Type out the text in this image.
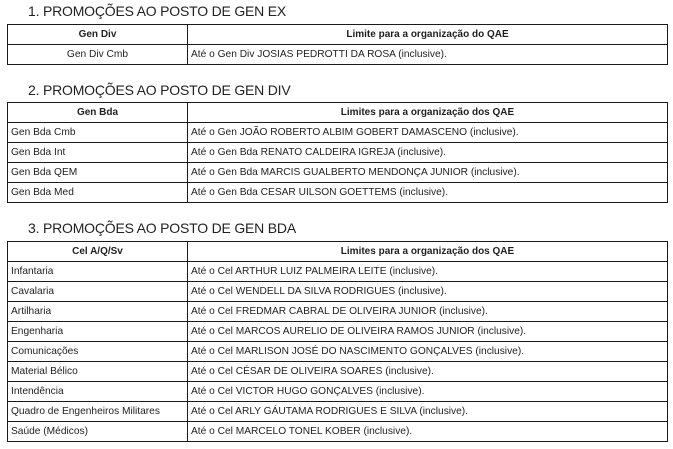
1. PROMOÇÕES AO POSTO DE GEN EX
Gen Div	Limite para a organização do QAE
Gen Div Cmb	Até o Gen Div JOSIAS PEDROTTI DA ROSA (inclusive).
2. PROMOÇÕES AO POSTO DE GEN DIV
Gen Bda	Limites para a organização dos QAE
Gen Bda Cmb	Até o Gen JOÃO ROBERTO ALBIM GOBERT DAMASCENO (inclusive).
Gen Bda Int	Até o Gen Bda RENATO CALDEIRA IGREJA (inclusive).
Gen Bda QEM	Até o Gen Bda MARCIS GUALBERTO MENDONÇA JUNIOR (inclusive).
Gen Bda Med	Até o Gen Bda CESAR UILSON GOETTEMS (inclusive).
3. PROMOÇÕES AO POSTO DE GEN BDA
Cel A/Q/Sv	Limites para a organização dos QAE
Infantaria	Até o Cel ARTHUR LUIZ PALMEIRA LEITE (inclusive).
Cavalaria	Até o Cel WENDELL DA SILVA RODRIGUES (inclusive).
Artilharia	Até o Cel FREDMAR CABRAL DE OLIVEIRA JUNIOR (inclusive).
Engenharia	Até o Cel MARCOS AURELIO DE OLIVEIRA RAMOS JUNIOR (inclusive).
Comunicações	Até o Cel MARLISON JOSÉ DO NASCIMENTO GONÇALVES (inclusive).
Material Bélico	Até o Cel CÉSAR DE OLIVEIRA SOARES (inclusive).
Intendência	Até o Cel VICTOR HUGO GONÇALVES (inclusive).
Quadro de Engenheiros Militares	Até o Cel ARLY GÁUTAMA RODRIGUES E SILVA (inclusive).
Saúde (Médicos)	Até o Cel MARCELO TONEL KOBER (inclusive).
